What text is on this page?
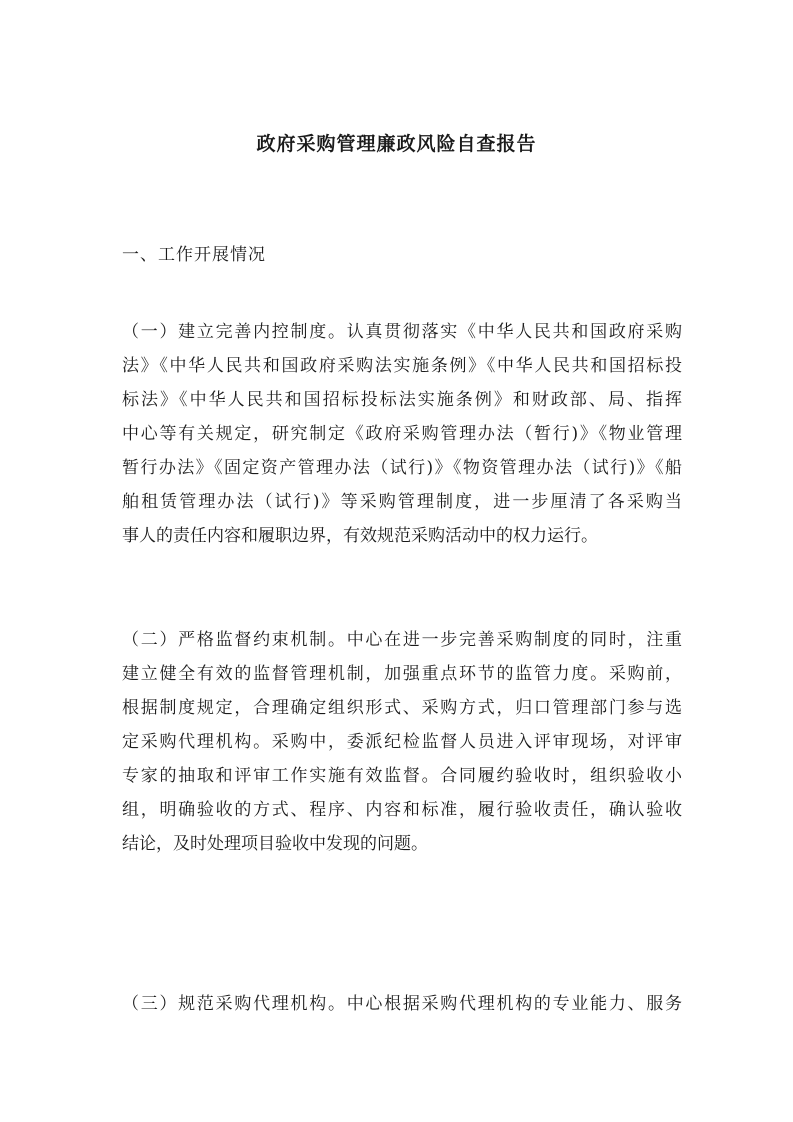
政府采购管理廉政风险自查报告
一、工作开展情况
（一）建立完善内控制度。认真贯彻落实《中华人民共和国政府采购
法》《中华人民共和国政府采购法实施条例》《中华人民共和国招标投
标法》《中华人民共和国招标投标法实施条例》和财政部、局、指挥
中心等有关规定，研究制定《政府采购管理办法（暂行)》《物业管理
暂行办法》《固定资产管理办法（试行)》《物资管理办法（试行)》《船
舶租赁管理办法（试行)》等采购管理制度，进一步厘清了各采购当
事人的责任内容和履职边界，有效规范采购活动中的权力运行。
（二）严格监督约束机制。中心在进一步完善采购制度的同时，注重
建立健全有效的监督管理机制，加强重点环节的监管力度。采购前，
根据制度规定，合理确定组织形式、采购方式，归口管理部门参与选
定采购代理机构。采购中，委派纪检监督人员进入评审现场，对评审
专家的抽取和评审工作实施有效监督。合同履约验收时，组织验收小
组，明确验收的方式、程序、内容和标准，履行验收责任，确认验收
结论，及时处理项目验收中发现的问题。
（三）规范采购代理机构。中心根据采购代理机构的专业能力、服务
